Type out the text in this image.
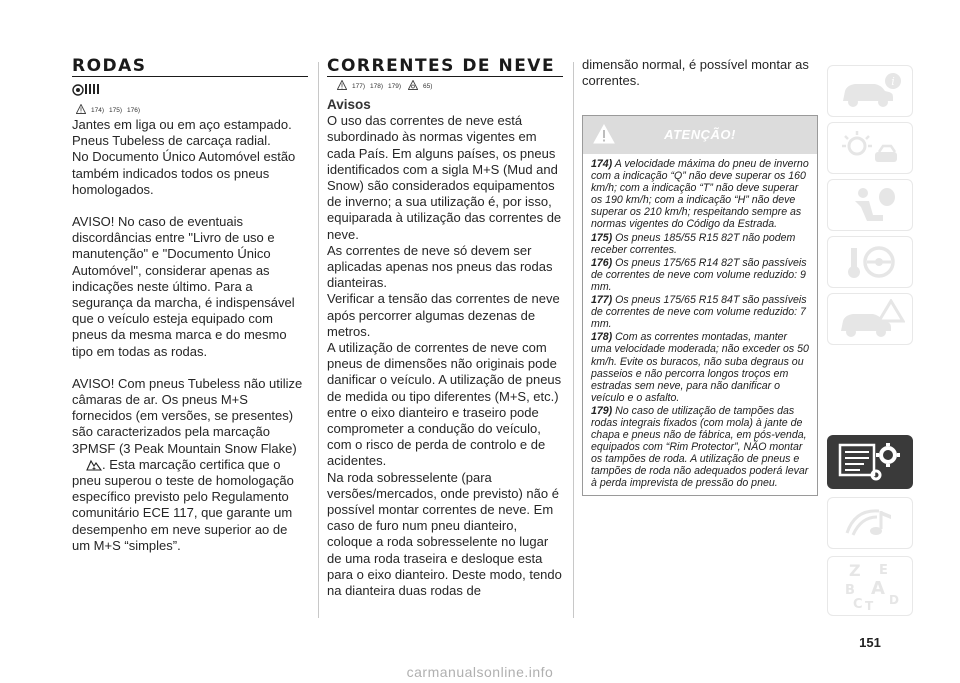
RODAS
174) 175) 176)

Jantes em liga ou em aço estampado. Pneus Tubeless de carcaça radial.

No Documento Único Automóvel estão também indicados todos os pneus homologados.

AVISO! No caso de eventuais discordâncias entre "Livro de uso e manutenção" e "Documento Único Automóvel", considerar apenas as indicações neste último. Para a segurança da marcha, é indispensável que o veículo esteja equipado com pneus da mesma marca e do mesmo tipo em todas as rodas.

AVISO! Com pneus Tubeless não utilize câmaras de ar. Os pneus M+S fornecidos (em versões, se presentes) são caracterizados pela marcação 3PMSF (3 Peak Mountain Snow Flake)

. Esta marcação certifica que o pneu superou o teste de homologação específico previsto pelo Regulamento comunitário ECE 117, que garante um desempenho em neve superior ao de um M+S “simples”.

CORRENTES DE NEVE
177) 178) 179)	65)

Avisos

O uso das correntes de neve está subordinado às normas vigentes em cada País. Em alguns países, os pneus identificados com a sigla M+S (Mud and Snow) são considerados equipamentos de inverno; a sua utilização é, por isso, equiparada à utilização das correntes de neve.

As correntes de neve só devem ser aplicadas apenas nos pneus das rodas dianteiras.

Verificar a tensão das correntes de neve após percorrer algumas dezenas de metros.

A utilização de correntes de neve com pneus de dimensões não originais pode danificar o veículo. A utilização de pneus de medida ou tipo diferentes (M+S, etc.) entre o eixo dianteiro e traseiro pode comprometer a condução do veículo, com o risco de perda de controlo e de acidentes.

Na roda sobresselente (para versões/mercados, onde previsto) não é possível montar correntes de neve. Em caso de furo num pneu dianteiro, coloque a roda sobresselente no lugar de uma roda traseira e desloque esta para o eixo dianteiro. Deste modo, tendo na dianteira duas rodas de

dimensão normal, é possível montar as correntes.
ATENÇÃO!
174) A velocidade máxima do pneu de inverno com a indicação “Q” não deve superar os 160 km/h; com a indicação “T” não deve superar os 190 km/h; com a indicação “H” não deve superar os 210 km/h; respeitando sempre as normas vigentes do Código da Estrada.
175) Os pneus 185/55 R15 82T não podem receber correntes.
176) Os pneus 175/65 R14 82T são passíveis de correntes de neve com volume reduzido: 9 mm.
177) Os pneus 175/65 R15 84T são passíveis de correntes de neve com volume reduzido: 7 mm.
178) Com as correntes montadas, manter uma velocidade moderada; não exceder os 50 km/h. Evite os buracos, não suba degraus ou passeios e não percorra longos troços em estradas sem neve, para não danificar o veículo e o asfalto.
179) No caso de utilização de tampões das rodas integrais fixados (com mola) à jante de chapa e pneus não de fábrica, em pós-venda, equipados com “Rim Protector”, NÃO montar os tampões de roda. A utilização de pneus e tampões de roda não adequados poderá levar à perda imprevista de pressão do pneu.
i
Z E
B A
C T D
151
carmanualsonline.info
